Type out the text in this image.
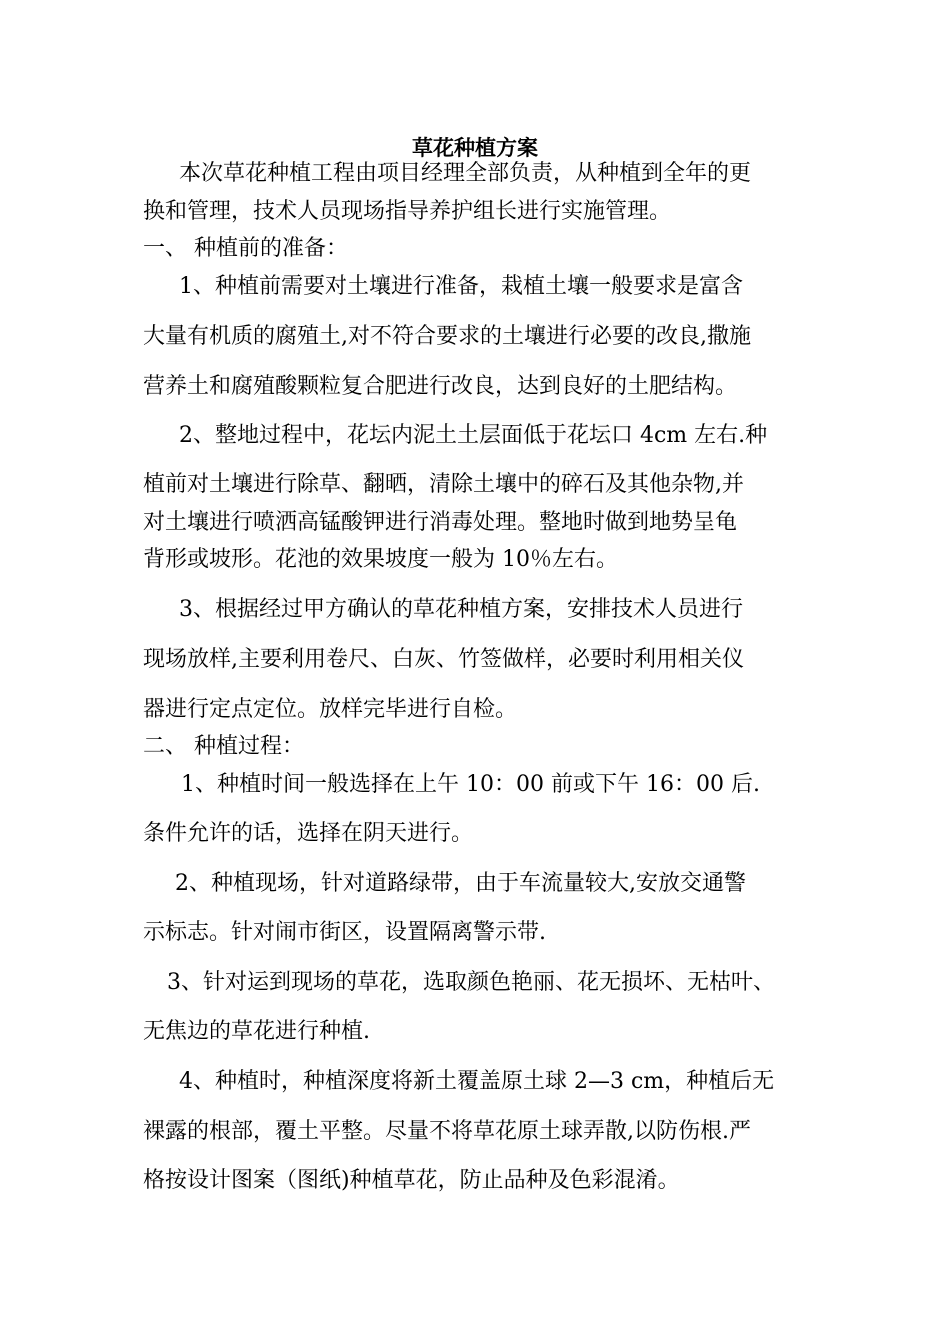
草花种植方案
本次草花种植工程由项目经理全部负责，从种植到全年的更
换和管理，技术人员现场指导养护组长进行实施管理。
一、 种植前的准备：
1、种植前需要对土壤进行准备，栽植土壤一般要求是富含
大量有机质的腐殖土,对不符合要求的土壤进行必要的改良,撒施
营养土和腐殖酸颗粒复合肥进行改良，达到良好的土肥结构。
2、整地过程中，花坛内泥土土层面低于花坛口 4cm 左右.种
植前对土壤进行除草、翻晒，清除土壤中的碎石及其他杂物,并
对土壤进行喷洒高锰酸钾进行消毒处理。整地时做到地势呈龟
背形或坡形。花池的效果坡度一般为 10％左右。
3、根据经过甲方确认的草花种植方案，安排技术人员进行
现场放样,主要利用卷尺、白灰、竹签做样，必要时利用相关仪
器进行定点定位。放样完毕进行自检。
二、 种植过程：
1、种植时间一般选择在上午 10：00 前或下午 16：00 后.
条件允许的话，选择在阴天进行。
2、种植现场，针对道路绿带，由于车流量较大,安放交通警
示标志。针对闹市街区，设置隔离警示带.
3、针对运到现场的草花，选取颜色艳丽、花无损坏、无枯叶、
无焦边的草花进行种植.
4、种植时，种植深度将新土覆盖原土球 2—3 cm，种植后无
裸露的根部，覆土平整。尽量不将草花原土球弄散,以防伤根.严
格按设计图案（图纸)种植草花，防止品种及色彩混淆。
